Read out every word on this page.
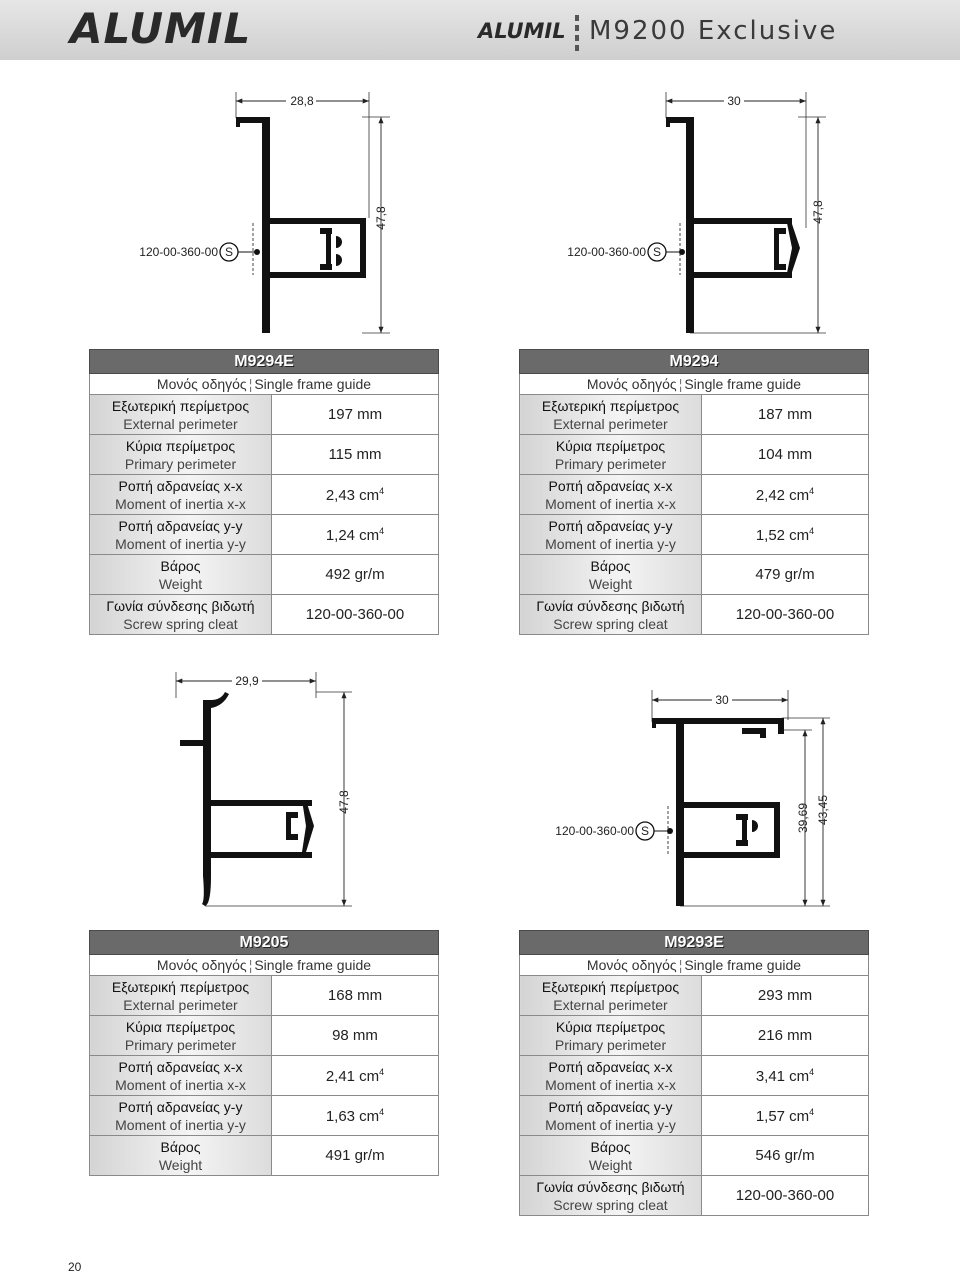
ALUMIL	ALUMIL M9200 Exclusive
28,8
47,8
S
120-00-360-00
30
47,8
S
120-00-360-00
29,9
47,8
30
39,69 43,45
S
120-00-360-00
M9294E	
Μονός οδηγός ¦ Single frame guide	

Εξωτερική περίμετρος
External perimeter	197 mm

Κύρια περίμετρος
Primary perimeter	115 mm

Ροπή αδρανείας x-x
Moment of inertia x-x	2,43 $cm^4$

Ροπή αδρανείας y-y
Moment of inertia y-y	1,24 $cm^4$

Βάρος
Weight	492 gr/m

Γωνία σύνδεσης βιδωτή
Screw spring cleat	120-00-360-00
M9294	
Μονός οδηγός ¦ Single frame guide	

Εξωτερική περίμετρος
External perimeter	187 mm

Κύρια περίμετρος
Primary perimeter	104 mm

Ροπή αδρανείας x-x
Moment of inertia x-x	2,42 $cm^4$

Ροπή αδρανείας y-y
Moment of inertia y-y	1,52 $cm^4$

Βάρος
Weight	479 gr/m

Γωνία σύνδεσης βιδωτή
Screw spring cleat	120-00-360-00
M9205	
Μονός οδηγός ¦ Single frame guide	

Εξωτερική περίμετρος
External perimeter	168 mm

Κύρια περίμετρος
Primary perimeter	98 mm

Ροπή αδρανείας x-x
Moment of inertia x-x	2,41 $cm^4$

Ροπή αδρανείας y-y
Moment of inertia y-y	1,63 $cm^4$

Βάρος
Weight	491 gr/m
M9293E	
Μονός οδηγός ¦ Single frame guide	

Εξωτερική περίμετρος
External perimeter	293 mm

Κύρια περίμετρος
Primary perimeter	216 mm

Ροπή αδρανείας x-x
Moment of inertia x-x	3,41 $cm^4$

Ροπή αδρανείας y-y
Moment of inertia y-y	1,57 $cm^4$

Βάρος
Weight	546 gr/m

Γωνία σύνδεσης βιδωτή
Screw spring cleat	120-00-360-00
20
